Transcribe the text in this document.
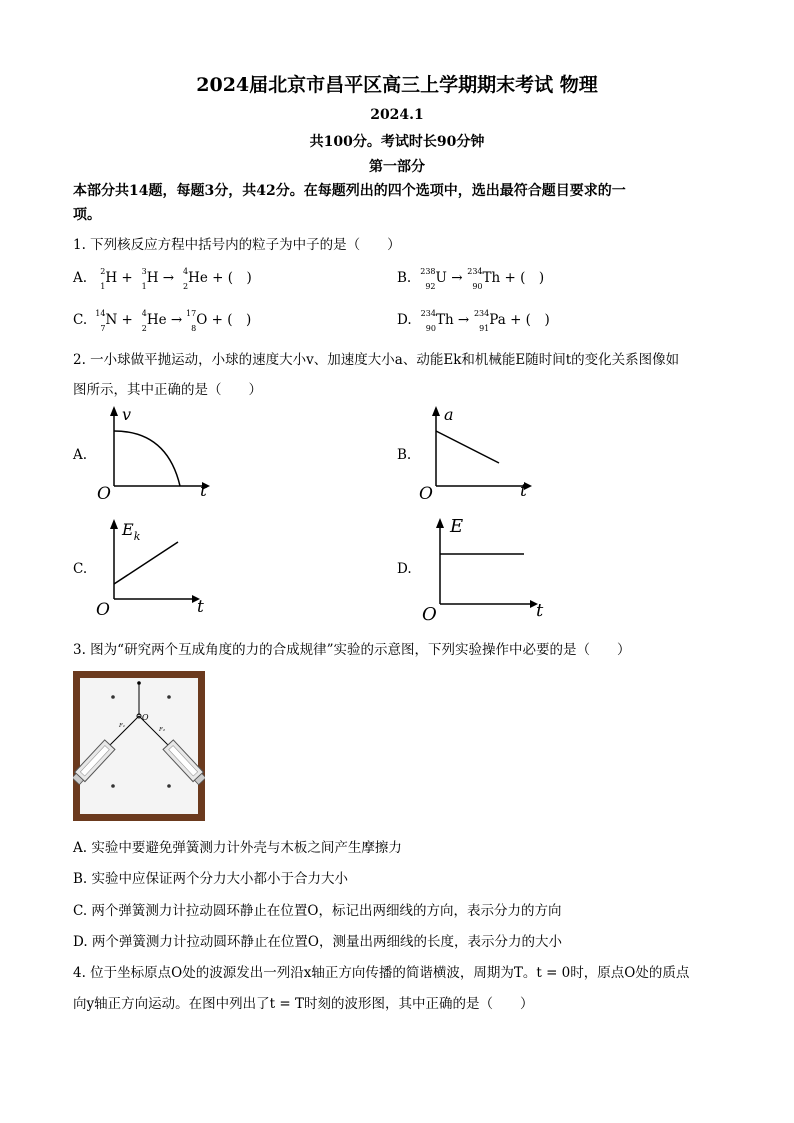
2024届北京市昌平区高三上学期期末考试 物理
2024.1
共100分。考试时长90分钟
第一部分
本部分共14题，每题3分，共42分。在每题列出的四个选项中，选出最符合题目要求的一
项。
1. 下列核反应方程中括号内的粒子为中子的是（　　）
A. 2
1 H + 3
1 H → 4
2 He + (　)	B. 238
92 U → 234
90 Th + (　)
C. 14
7 N + 4
2 He → 17
8 O + (　)	D. 234
90 Th → 234
91 Pa + (　)
2. 一小球做平抛运动，小球的速度大小v、加速度大小a、动能Ek和机械能E随时间t的变化关系图像如
图所示，其中正确的是（　　）
A.
v
t
O
B.
a
t
O
C.
$E_k$
t
O
D.
E
t
O
3. 图为“研究两个互成角度的力的合成规律”实验的示意图，下列实验操作中必要的是（　　）
O
F₁
F₂
A. 实验中要避免弹簧测力计外壳与木板之间产生摩擦力
B. 实验中应保证两个分力大小都小于合力大小
C. 两个弹簧测力计拉动圆环静止在位置O，标记出两细线的方向，表示分力的方向
D. 两个弹簧测力计拉动圆环静止在位置O，测量出两细线的长度，表示分力的大小
4. 位于坐标原点O处的波源发出一列沿x轴正方向传播的简谐横波，周期为T。t = 0时，原点O处的质点
向y轴正方向运动。在图中列出了t = T时刻的波形图，其中正确的是（　　）
